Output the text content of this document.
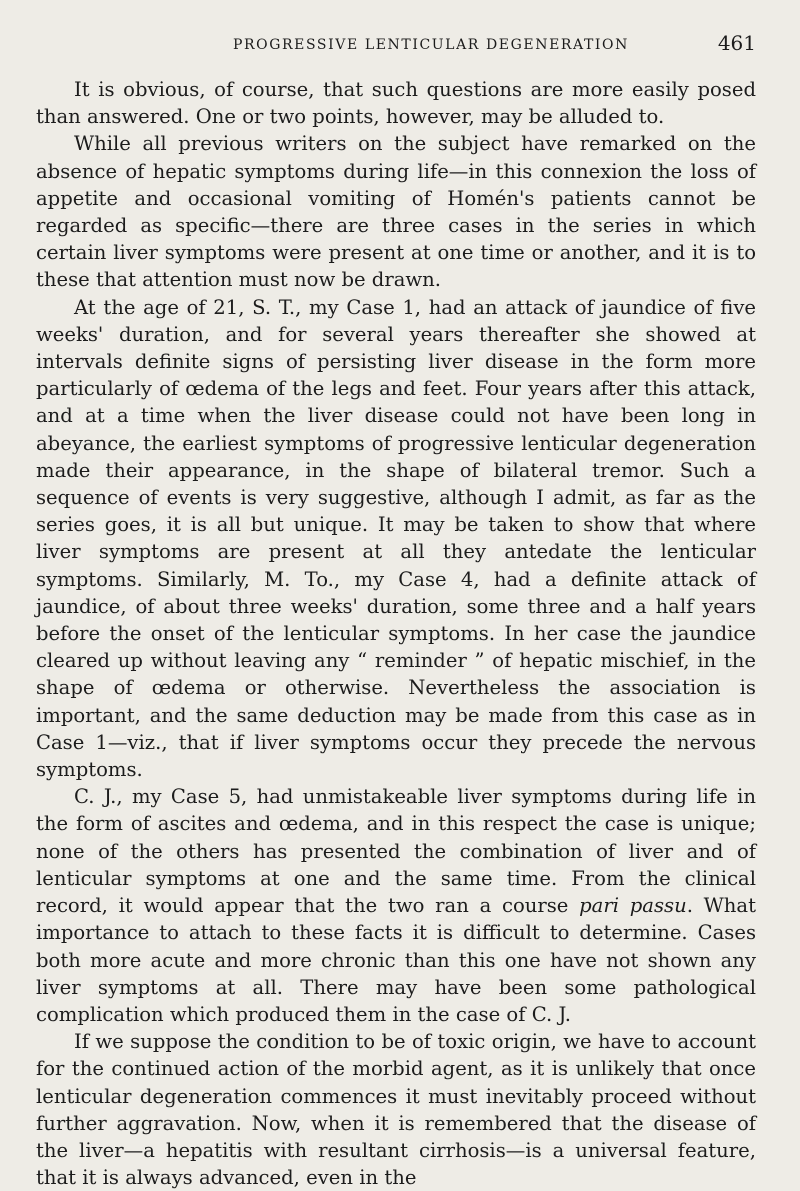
PROGRESSIVE LENTICULAR DEGENERATION	461

It is obvious, of course, that such questions are more easily posed than answered. One or two points, however, may be alluded to.

While all previous writers on the subject have remarked on the absence of hepatic symptoms during life—in this connexion the loss of appetite and occasional vomiting of Homén's patients cannot be regarded as specific—there are three cases in the series in which certain liver symptoms were present at one time or another, and it is to these that attention must now be drawn.

At the age of 21, S. T., my Case 1, had an attack of jaundice of five weeks' duration, and for several years thereafter she showed at intervals definite signs of persisting liver disease in the form more particularly of œdema of the legs and feet. Four years after this attack, and at a time when the liver disease could not have been long in abeyance, the earliest symptoms of progressive lenticular degeneration made their appearance, in the shape of bilateral tremor. Such a sequence of events is very suggestive, although I admit, as far as the series goes, it is all but unique. It may be taken to show that where liver symptoms are present at all they antedate the lenticular symptoms. Similarly, M. To., my Case 4, had a definite attack of jaundice, of about three weeks' duration, some three and a half years before the onset of the lenticular symptoms. In her case the jaundice cleared up without leaving any “ reminder ” of hepatic mischief, in the shape of œdema or otherwise. Nevertheless the association is important, and the same deduction may be made from this case as in Case 1—viz., that if liver symptoms occur they precede the nervous symptoms.

C. J., my Case 5, had unmistakeable liver symptoms during life in the form of ascites and œdema, and in this respect the case is unique; none of the others has presented the combination of liver and of lenticular symptoms at one and the same time. From the clinical record, it would appear that the two ran a course pari passu. What importance to attach to these facts it is difficult to determine. Cases both more acute and more chronic than this one have not shown any liver symptoms at all. There may have been some pathological complication which produced them in the case of C. J.

If we suppose the condition to be of toxic origin, we have to account for the continued action of the morbid agent, as it is unlikely that once lenticular degeneration commences it must inevitably proceed without further aggravation. Now, when it is remembered that the disease of the liver—a hepatitis with resultant cirrhosis—is a universal feature, that it is always advanced, even in the
